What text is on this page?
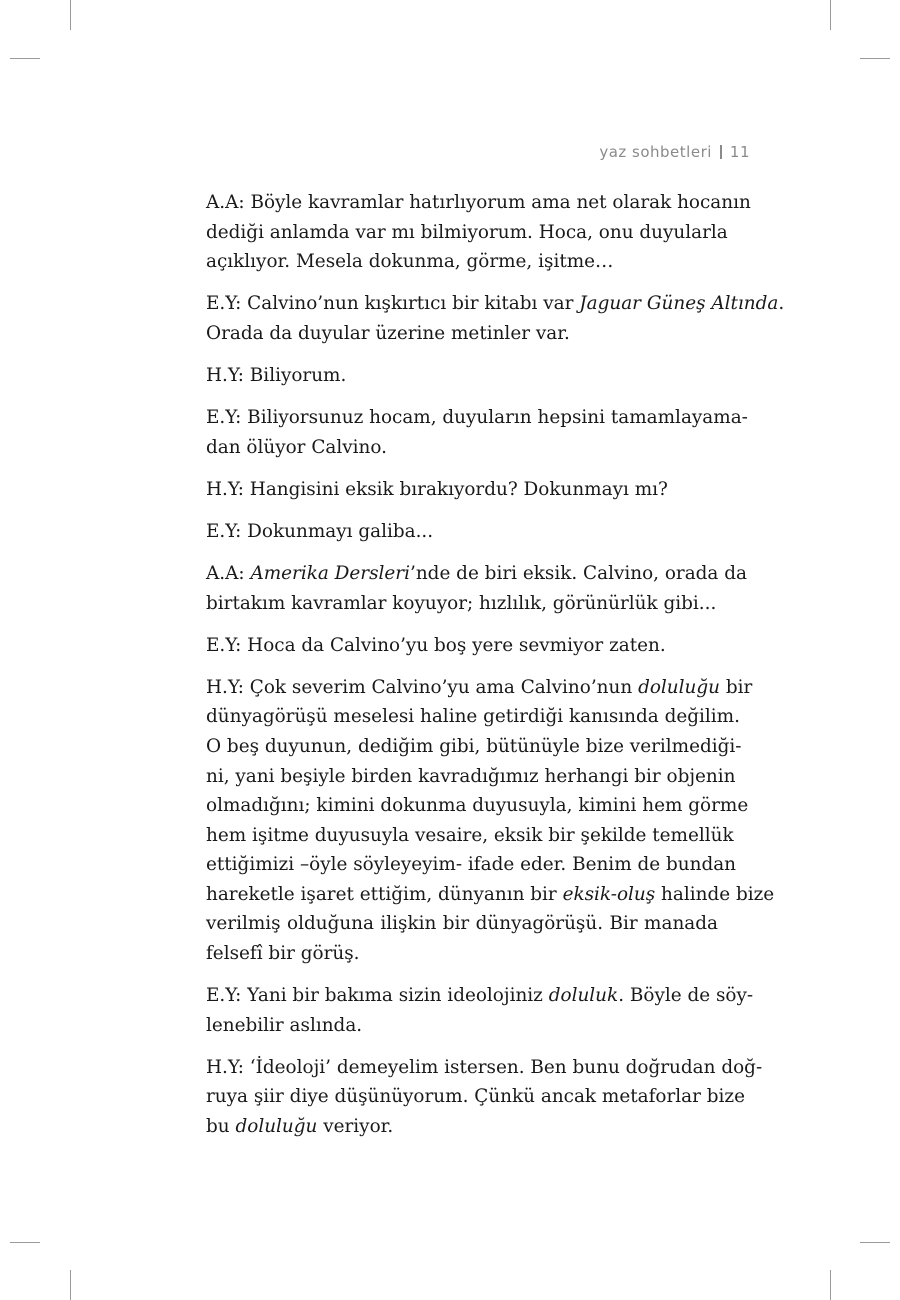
yaz sohbetleri 11

A.A: Böyle kavramlar hatırlıyorum ama net olarak hocanın
dediği anlamda var mı bilmiyorum. Hoca, onu duyularla
açıklıyor. Mesela dokunma, görme, işitme…

E.Y: Calvino’nun kışkırtıcı bir kitabı var Jaguar Güneş Altında.
Orada da duyular üzerine metinler var.

H.Y: Biliyorum.

E.Y: Biliyorsunuz hocam, duyuların hepsini tamamlayama-
dan ölüyor Calvino.

H.Y: Hangisini eksik bırakıyordu? Dokunmayı mı?

E.Y: Dokunmayı galiba...

A.A: Amerika Dersleri’nde de biri eksik. Calvino, orada da
birtakım kavramlar koyuyor; hızlılık, görünürlük gibi...

E.Y: Hoca da Calvino’yu boş yere sevmiyor zaten.

H.Y: Çok severim Calvino’yu ama Calvino’nun doluluğu bir
dünyagörüşü meselesi haline getirdiği kanısında değilim.
O beş duyunun, dediğim gibi, bütünüyle bize verilmediği-
ni, yani beşiyle birden kavradığımız herhangi bir objenin
olmadığını; kimini dokunma duyusuyla, kimini hem görme
hem işitme duyusuyla vesaire, eksik bir şekilde temellük
ettiğimizi –öyle söyleyeyim- ifade eder. Benim de bundan
hareketle işaret ettiğim, dünyanın bir eksik-oluş halinde bize
verilmiş olduğuna ilişkin bir dünyagörüşü. Bir manada
felsefî bir görüş.

E.Y: Yani bir bakıma sizin ideolojiniz doluluk. Böyle de söy-
lenebilir aslında.

H.Y: ‘İdeoloji’ demeyelim istersen. Ben bunu doğrudan doğ-
ruya şiir diye düşünüyorum. Çünkü ancak metaforlar bize
bu doluluğu veriyor.
